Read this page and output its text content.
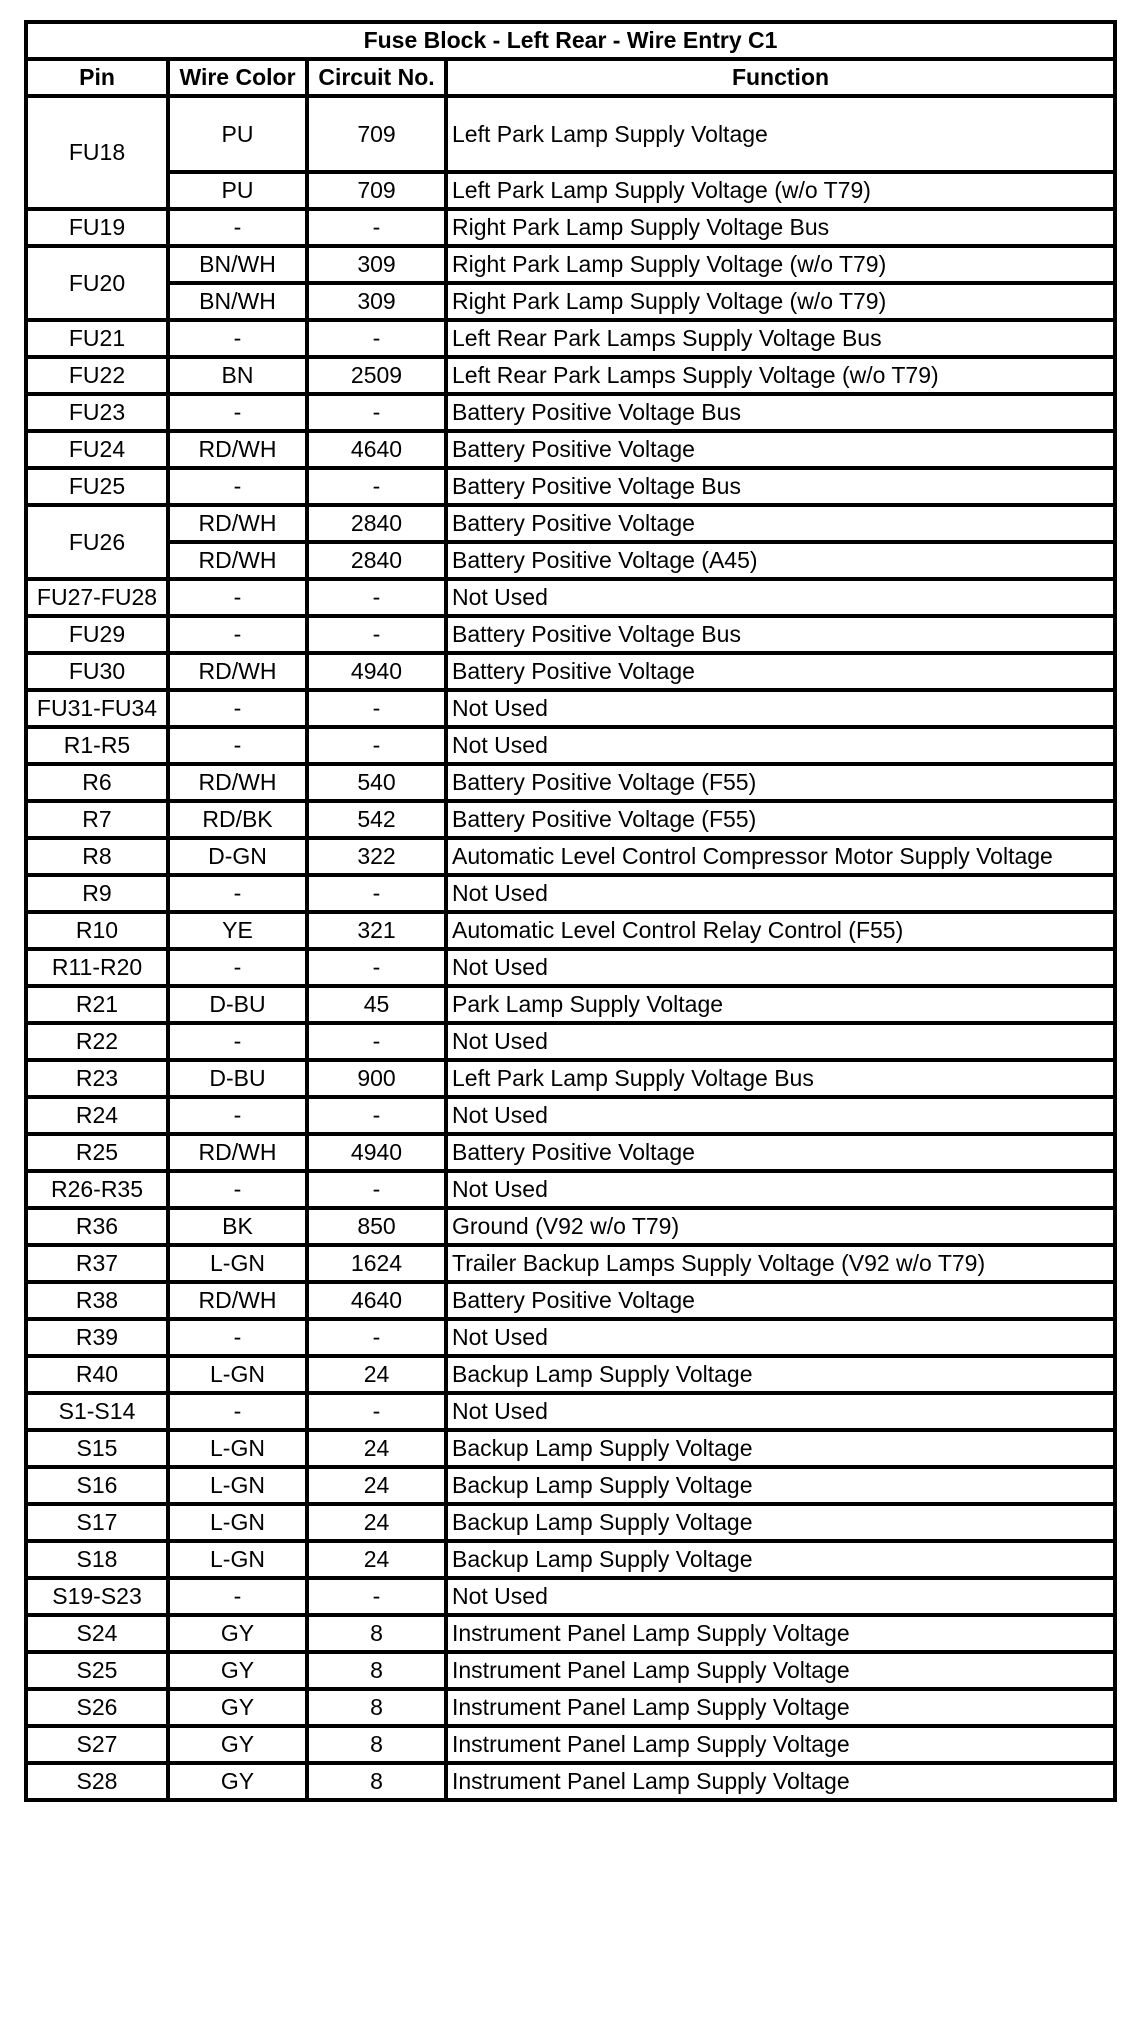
Fuse Block - Left Rear - Wire Entry C1			
Pin	Wire Color	Circuit No.	Function
FU18	PU	709	Left Park Lamp Supply Voltage
	PU	709	Left Park Lamp Supply Voltage (w/o T79)
FU19	-	-	Right Park Lamp Supply Voltage Bus
FU20	BN/WH	309	Right Park Lamp Supply Voltage (w/o T79)
	BN/WH	309	Right Park Lamp Supply Voltage (w/o T79)
FU21	-	-	Left Rear Park Lamps Supply Voltage Bus
FU22	BN	2509	Left Rear Park Lamps Supply Voltage (w/o T79)
FU23	-	-	Battery Positive Voltage Bus
FU24	RD/WH	4640	Battery Positive Voltage
FU25	-	-	Battery Positive Voltage Bus
FU26	RD/WH	2840	Battery Positive Voltage
	RD/WH	2840	Battery Positive Voltage (A45)
FU27-FU28	-	-	Not Used
FU29	-	-	Battery Positive Voltage Bus
FU30	RD/WH	4940	Battery Positive Voltage
FU31-FU34	-	-	Not Used
R1-R5	-	-	Not Used
R6	RD/WH	540	Battery Positive Voltage (F55)
R7	RD/BK	542	Battery Positive Voltage (F55)
R8	D-GN	322	Automatic Level Control Compressor Motor Supply Voltage
R9	-	-	Not Used
R10	YE	321	Automatic Level Control Relay Control (F55)
R11-R20	-	-	Not Used
R21	D-BU	45	Park Lamp Supply Voltage
R22	-	-	Not Used
R23	D-BU	900	Left Park Lamp Supply Voltage Bus
R24	-	-	Not Used
R25	RD/WH	4940	Battery Positive Voltage
R26-R35	-	-	Not Used
R36	BK	850	Ground (V92 w/o T79)
R37	L-GN	1624	Trailer Backup Lamps Supply Voltage (V92 w/o T79)
R38	RD/WH	4640	Battery Positive Voltage
R39	-	-	Not Used
R40	L-GN	24	Backup Lamp Supply Voltage
S1-S14	-	-	Not Used
S15	L-GN	24	Backup Lamp Supply Voltage
S16	L-GN	24	Backup Lamp Supply Voltage
S17	L-GN	24	Backup Lamp Supply Voltage
S18	L-GN	24	Backup Lamp Supply Voltage
S19-S23	-	-	Not Used
S24	GY	8	Instrument Panel Lamp Supply Voltage
S25	GY	8	Instrument Panel Lamp Supply Voltage
S26	GY	8	Instrument Panel Lamp Supply Voltage
S27	GY	8	Instrument Panel Lamp Supply Voltage
S28	GY	8	Instrument Panel Lamp Supply Voltage
